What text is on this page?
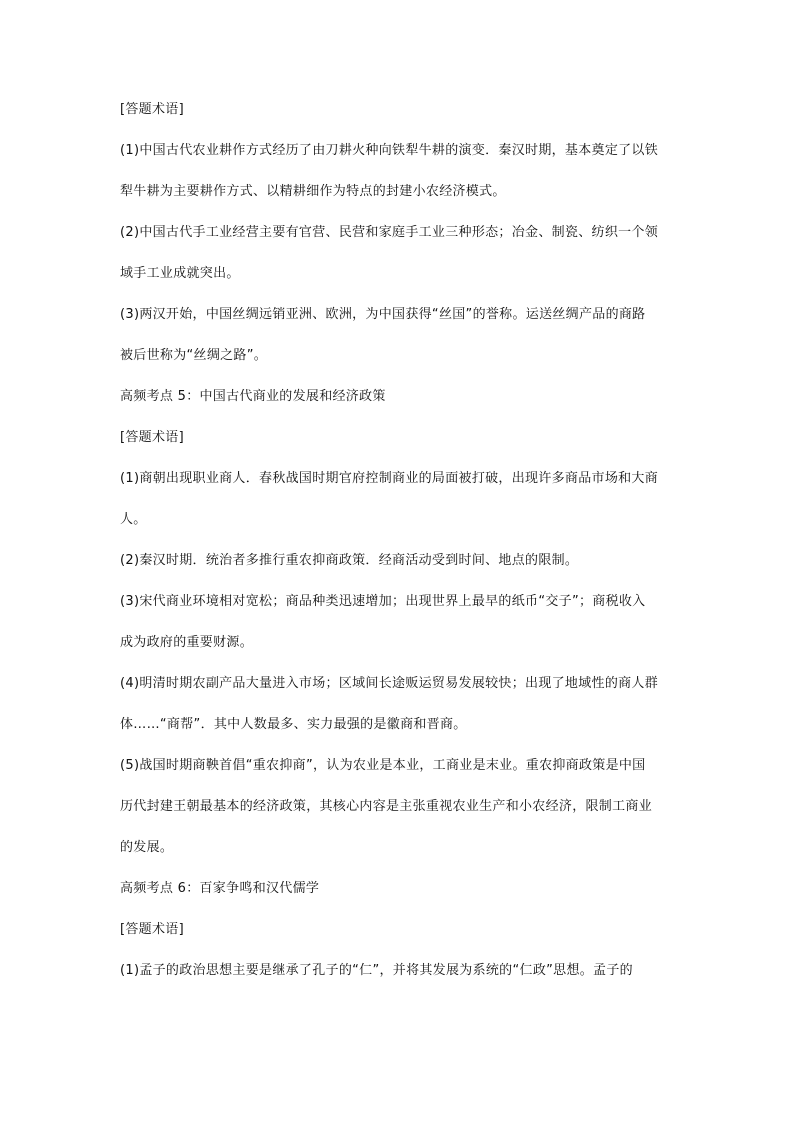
[答题术语]
(1)中国古代农业耕作方式经历了由刀耕火种向铁犁牛耕的演变．秦汉时期，基本奠定了以铁
犁牛耕为主要耕作方式、以精耕细作为特点的封建小农经济模式。
(2)中国古代手工业经营主要有官营、民营和家庭手工业三种形态；冶金、制瓷、纺织一个领
域手工业成就突出。
(3)两汉开始，中国丝绸远销亚洲、欧洲，为中国获得“丝国”的誉称。运送丝绸产品的商路
被后世称为“丝绸之路”。
高频考点 5：中国古代商业的发展和经济政策
[答题术语]
(1)商朝出现职业商人．春秋战国时期官府控制商业的局面被打破，出现许多商品市场和大商
人。
(2)秦汉时期．统治者多推行重农抑商政策．经商活动受到时间、地点的限制。
(3)宋代商业环境相对宽松；商品种类迅速增加；出现世界上最早的纸币“交子”；商税收入
成为政府的重要财源。
(4)明清时期农副产品大量进入市场；区域间长途贩运贸易发展较快；出现了地域性的商人群
体……“商帮”．其中人数最多、实力最强的是徽商和晋商。
(5)战国时期商鞅首倡“重农抑商”，认为农业是本业，工商业是末业。重农抑商政策是中国
历代封建王朝最基本的经济政策，其核心内容是主张重视农业生产和小农经济，限制工商业
的发展。
高频考点 6：百家争鸣和汉代儒学
[答题术语]
(1)孟子的政治思想主要是继承了孔子的“仁”，并将其发展为系统的“仁政”思想。孟子的
